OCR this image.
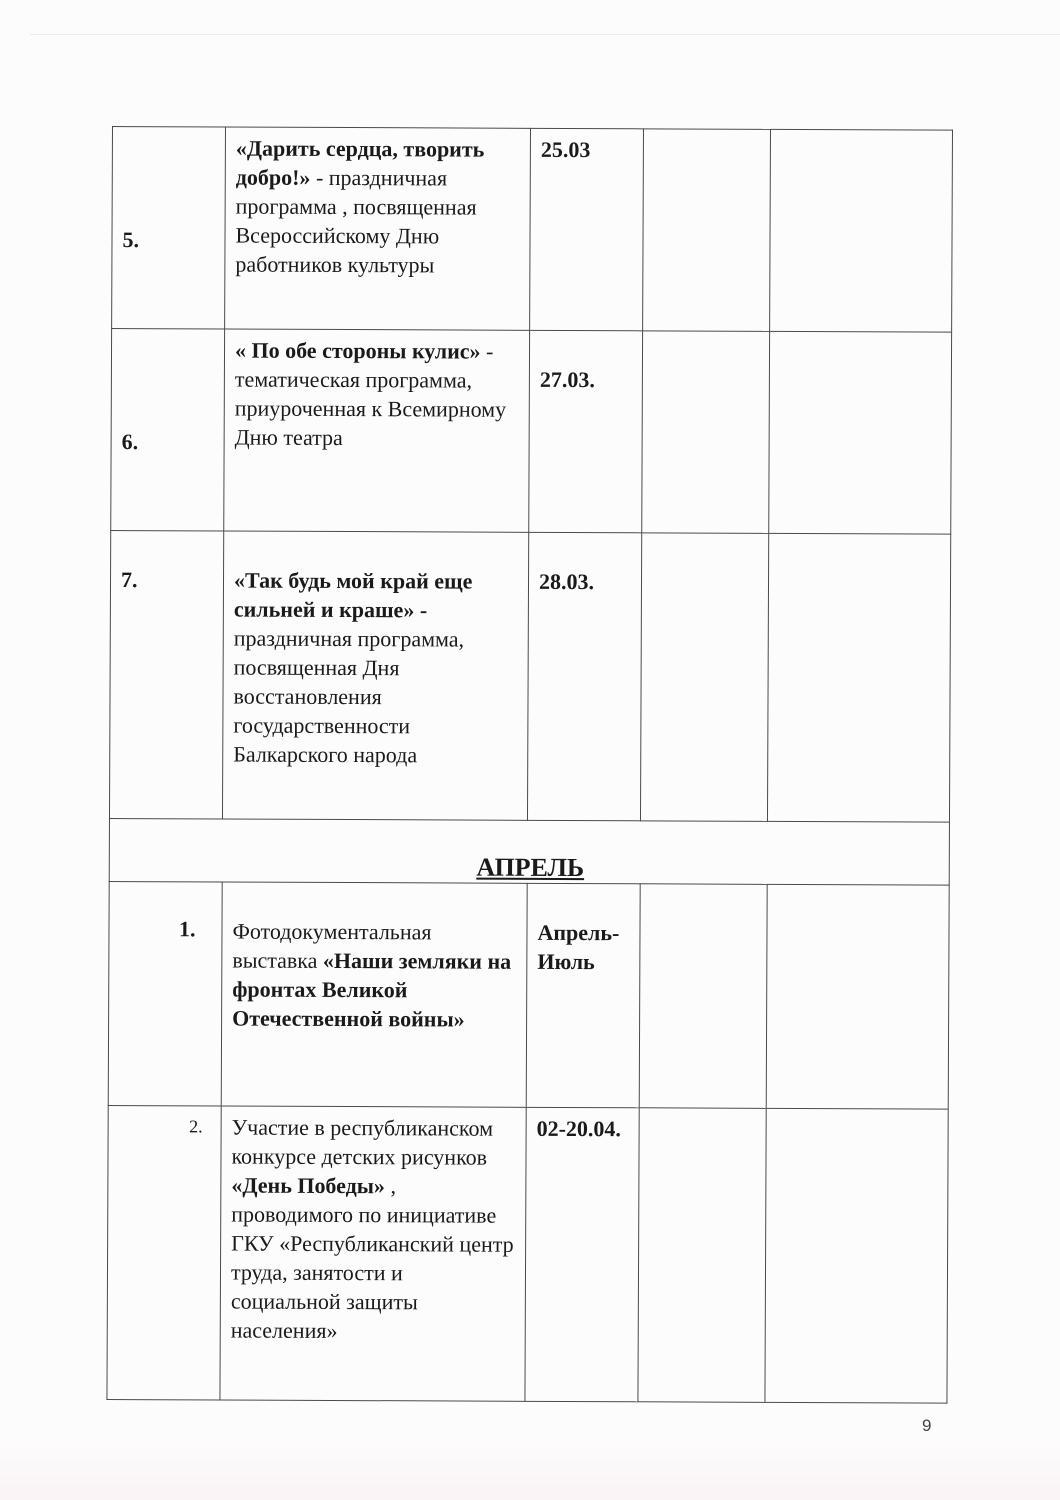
5.	«Дарить сердца, творить добро!» - праздничная программа , посвященная Всероссийскому Дню работников культуры	25.03		
6.	« По обе стороны кулис» - тематическая программа, приуроченная к Всемирному Дню театра	27.03.		
7.	«Так будь мой край еще сильней и краше» - праздничная программа, посвященная Дня восстановления государственности Балкарского народа	28.03.		
АПРЕЛЬ				
1.	Фотодокументальная выставка «Наши земляки на фронтах Великой Отечественной войны»	Апрель-Июль		
2.	Участие в республиканском конкурсе детских рисунков «День Победы» , проводимого по инициативе ГКУ «Республиканский центр труда, занятости и социальной защиты населения»	02-20.04.		
9
